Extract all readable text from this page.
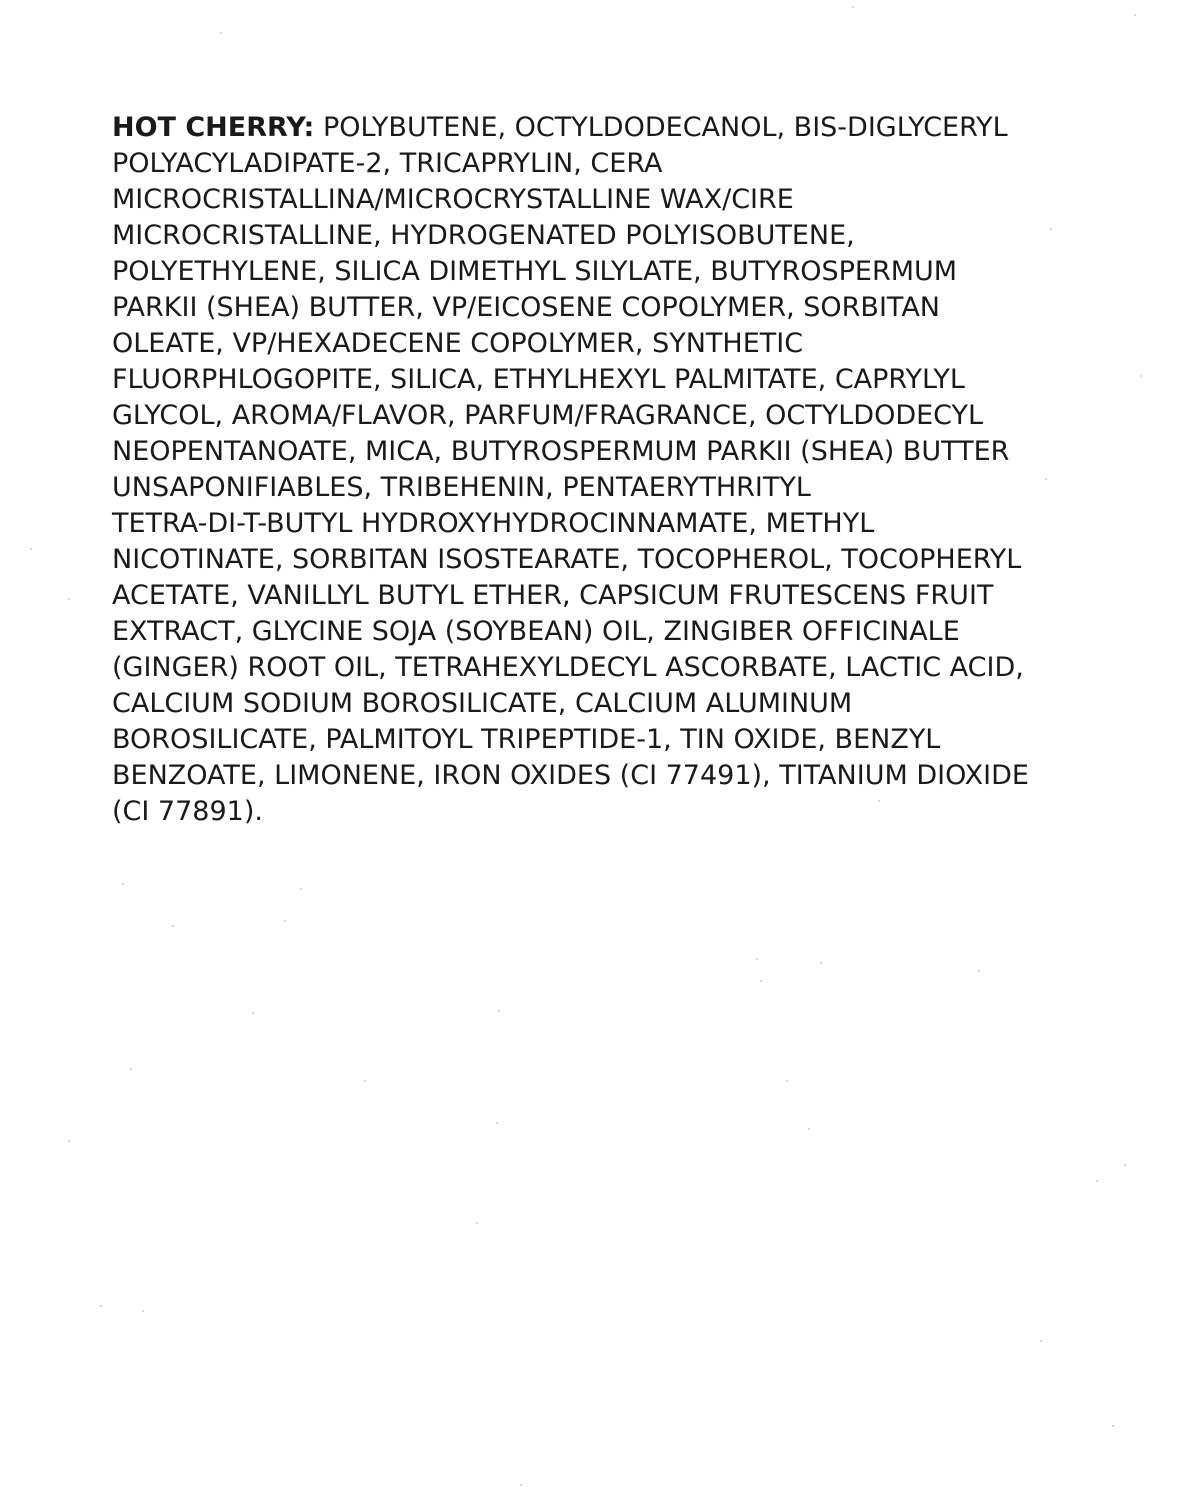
HOT CHERRY: POLYBUTENE, OCTYLDODECANOL, BIS-DIGLYCERYL
POLYACYLADIPATE-2, TRICAPRYLIN, CERA
MICROCRISTALLINA/MICROCRYSTALLINE WAX/CIRE
MICROCRISTALLINE, HYDROGENATED POLYISOBUTENE,
POLYETHYLENE, SILICA DIMETHYL SILYLATE, BUTYROSPERMUM
PARKII (SHEA) BUTTER, VP/EICOSENE COPOLYMER, SORBITAN
OLEATE, VP/HEXADECENE COPOLYMER, SYNTHETIC
FLUORPHLOGOPITE, SILICA, ETHYLHEXYL PALMITATE, CAPRYLYL
GLYCOL, AROMA/FLAVOR, PARFUM/FRAGRANCE, OCTYLDODECYL
NEOPENTANOATE, MICA, BUTYROSPERMUM PARKII (SHEA) BUTTER
UNSAPONIFIABLES, TRIBEHENIN, PENTAERYTHRITYL
TETRA-DI-T-BUTYL HYDROXYHYDROCINNAMATE, METHYL
NICOTINATE, SORBITAN ISOSTEARATE, TOCOPHEROL, TOCOPHERYL
ACETATE, VANILLYL BUTYL ETHER, CAPSICUM FRUTESCENS FRUIT
EXTRACT, GLYCINE SOJA (SOYBEAN) OIL, ZINGIBER OFFICINALE
(GINGER) ROOT OIL, TETRAHEXYLDECYL ASCORBATE, LACTIC ACID,
CALCIUM SODIUM BOROSILICATE, CALCIUM ALUMINUM
BOROSILICATE, PALMITOYL TRIPEPTIDE-1, TIN OXIDE, BENZYL
BENZOATE, LIMONENE, IRON OXIDES (CI 77491), TITANIUM DIOXIDE
(CI 77891).
